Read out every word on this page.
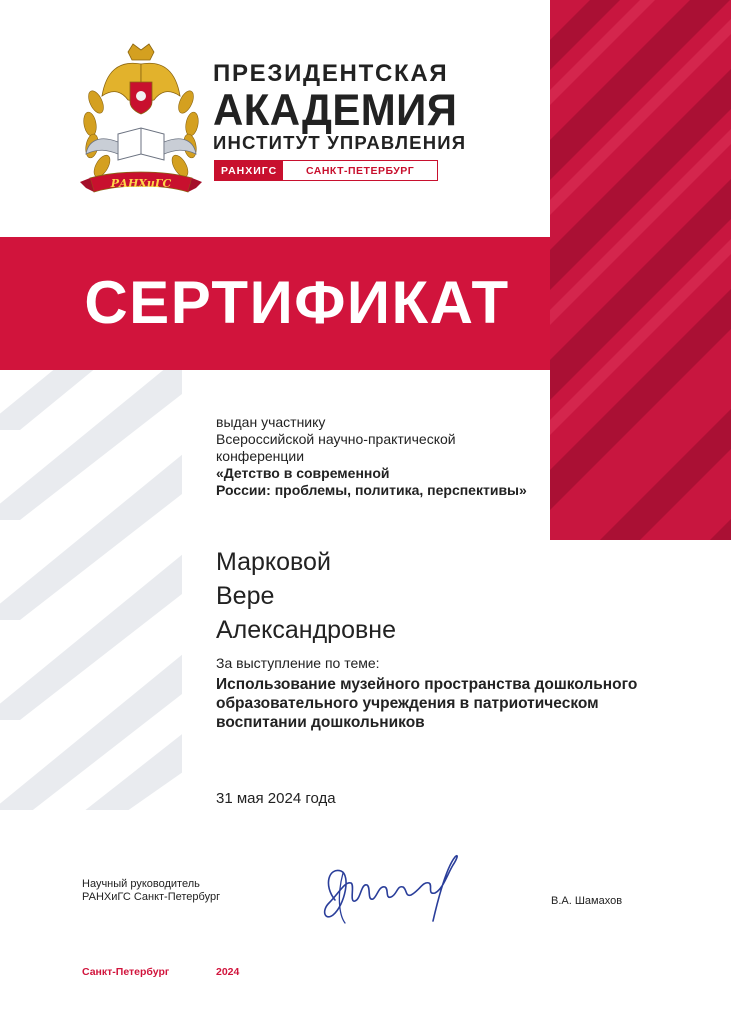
РАНХиГС
ПРЕЗИДЕНТСКАЯ
АКАДЕМИЯ
ИНСТИТУТ УПРАВЛЕНИЯ
РАНХИГС	САНКТ-ПЕТЕРБУРГ
СЕРТИФИКАТ
выдан участнику
Всероссийской научно-практической
конференции
«Детство в современной
России: проблемы, политика, перспективы»
Марковой
Вере
Александровне
За выступление по теме:
Использование музейного пространства дошкольного
образовательного учреждения в патриотическом
воспитании дошкольников
31 мая 2024 года
Научный руководитель
РАНХиГС Санкт-Петербург	В.А. Шамахов
Санкт-Петербург	2024
